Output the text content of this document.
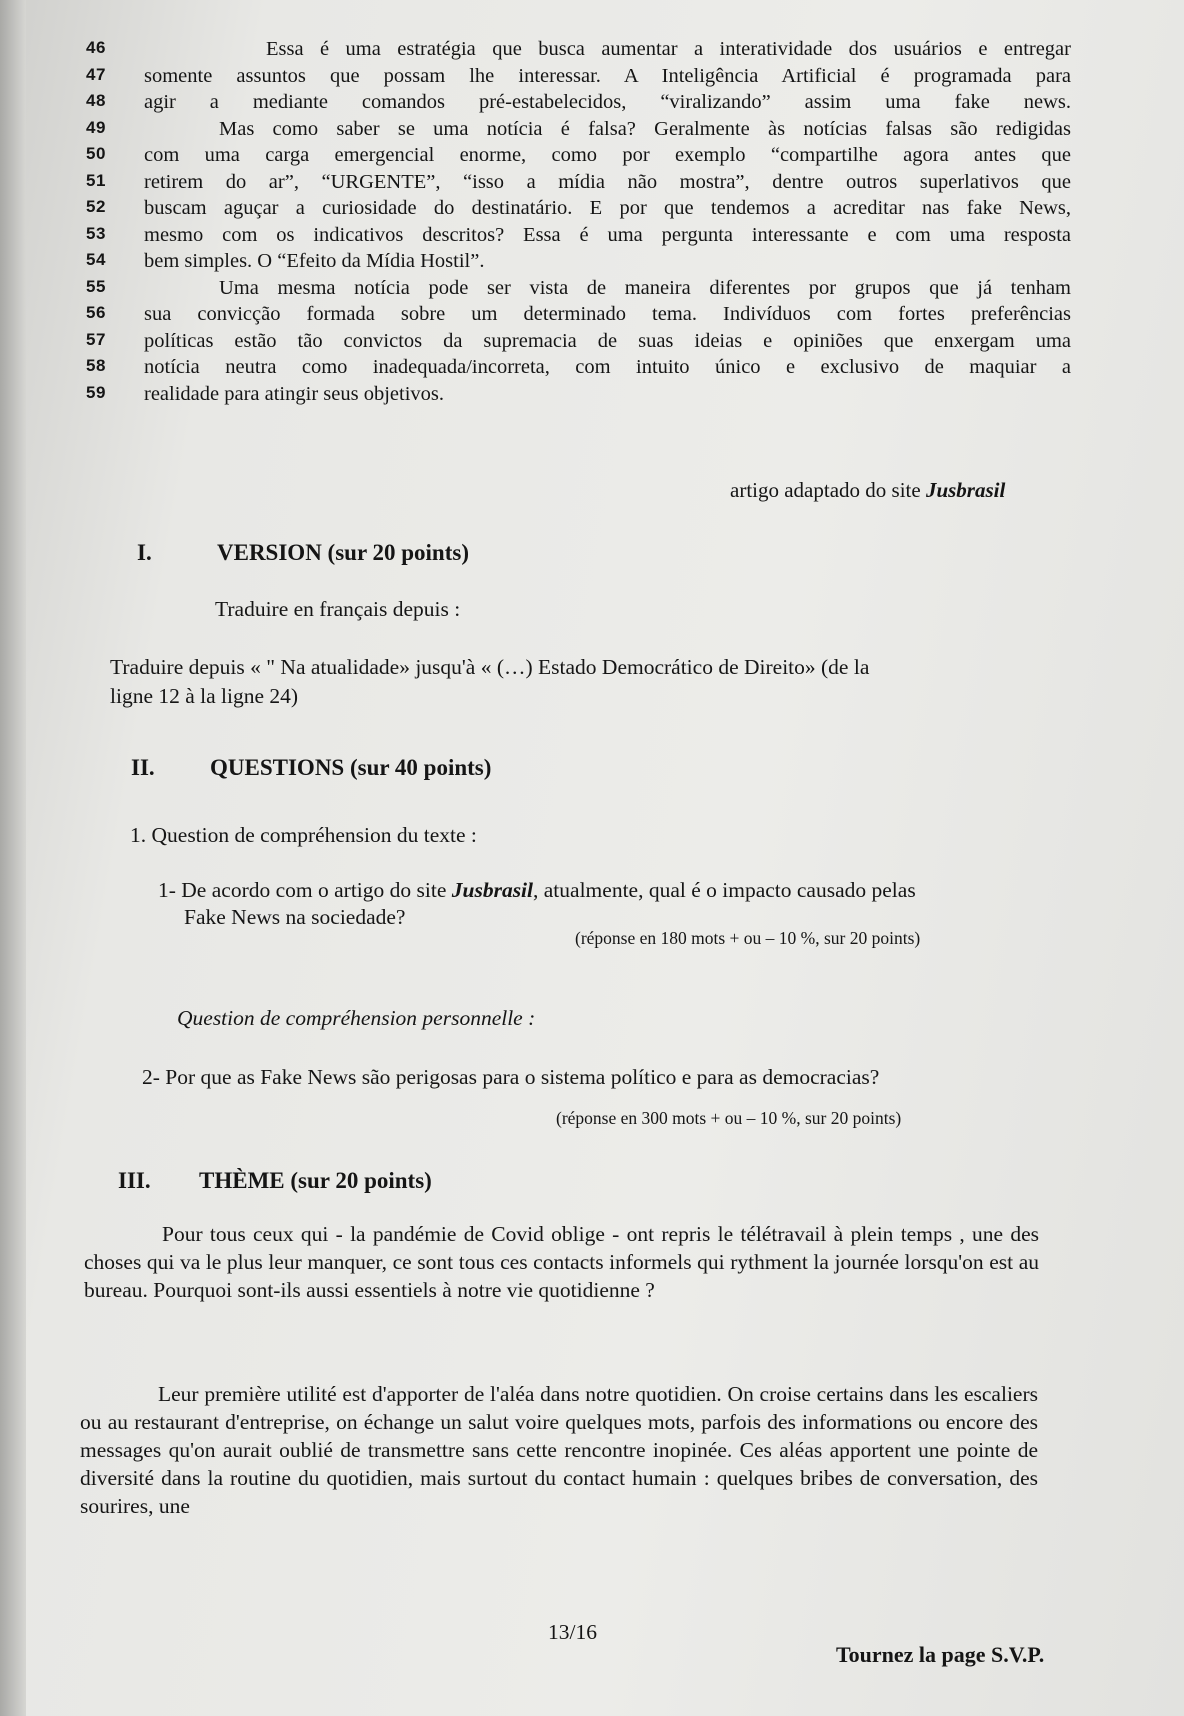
46	Essa é uma estratégia que busca aumentar a interatividade dos usuários e entregar
47	somente assuntos que possam lhe interessar. A Inteligência Artificial é programada para
48	agir a mediante comandos pré-estabelecidos, “viralizando” assim uma fake news.
49	Mas como saber se uma notícia é falsa? Geralmente às notícias falsas são redigidas
50	com uma carga emergencial enorme, como por exemplo “compartilhe agora antes que
51	retirem do ar”, “URGENTE”, “isso a mídia não mostra”, dentre outros superlativos que
52	buscam aguçar a curiosidade do destinatário. E por que tendemos a acreditar nas fake News,
53	mesmo com os indicativos descritos? Essa é uma pergunta interessante e com uma resposta
54	bem simples. O “Efeito da Mídia Hostil”.
55	Uma mesma notícia pode ser vista de maneira diferentes por grupos que já tenham
56	sua convicção formada sobre um determinado tema. Indivíduos com fortes preferências
57	políticas estão tão convictos da supremacia de suas ideias e opiniões que enxergam uma
58	notícia neutra como inadequada/incorreta, com intuito único e exclusivo de maquiar a
59	realidade para atingir seus objetivos.
artigo adaptado do site Jusbrasil
I.	VERSION (sur 20 points)
Traduire en français depuis :
Traduire depuis « " Na atualidade» jusqu'à « (…) Estado Democrático de Direito» (de la
ligne 12 à la ligne 24)
II. QUESTIONS (sur 40 points)
1. Question de compréhension du texte :
1- De acordo com o artigo do site Jusbrasil, atualmente, qual é o impacto causado pelas
Fake News na sociedade?
(réponse en 180 mots + ou – 10 %, sur 20 points)
Question de compréhension personnelle :
2- Por que as Fake News são perigosas para o sistema político e para as democracias?
(réponse en 300 mots + ou – 10 %, sur 20 points)
III. THÈME (sur 20 points)
Pour tous ceux qui - la pandémie de Covid oblige - ont repris le télétravail à plein temps , une des choses qui va le plus leur manquer, ce sont tous ces contacts informels qui rythment la journée lorsqu'on est au bureau. Pourquoi sont-ils aussi essentiels à notre vie quotidienne ?
Leur première utilité est d'apporter de l'aléa dans notre quotidien. On croise certains dans les escaliers ou au restaurant d'entreprise, on échange un salut voire quelques mots, parfois des informations ou encore des messages qu'on aurait oublié de transmettre sans cette rencontre inopinée. Ces aléas apportent une pointe de diversité dans la routine du quotidien, mais surtout du contact humain : quelques bribes de conversation, des sourires, une
13/16
Tournez la page S.V.P.
